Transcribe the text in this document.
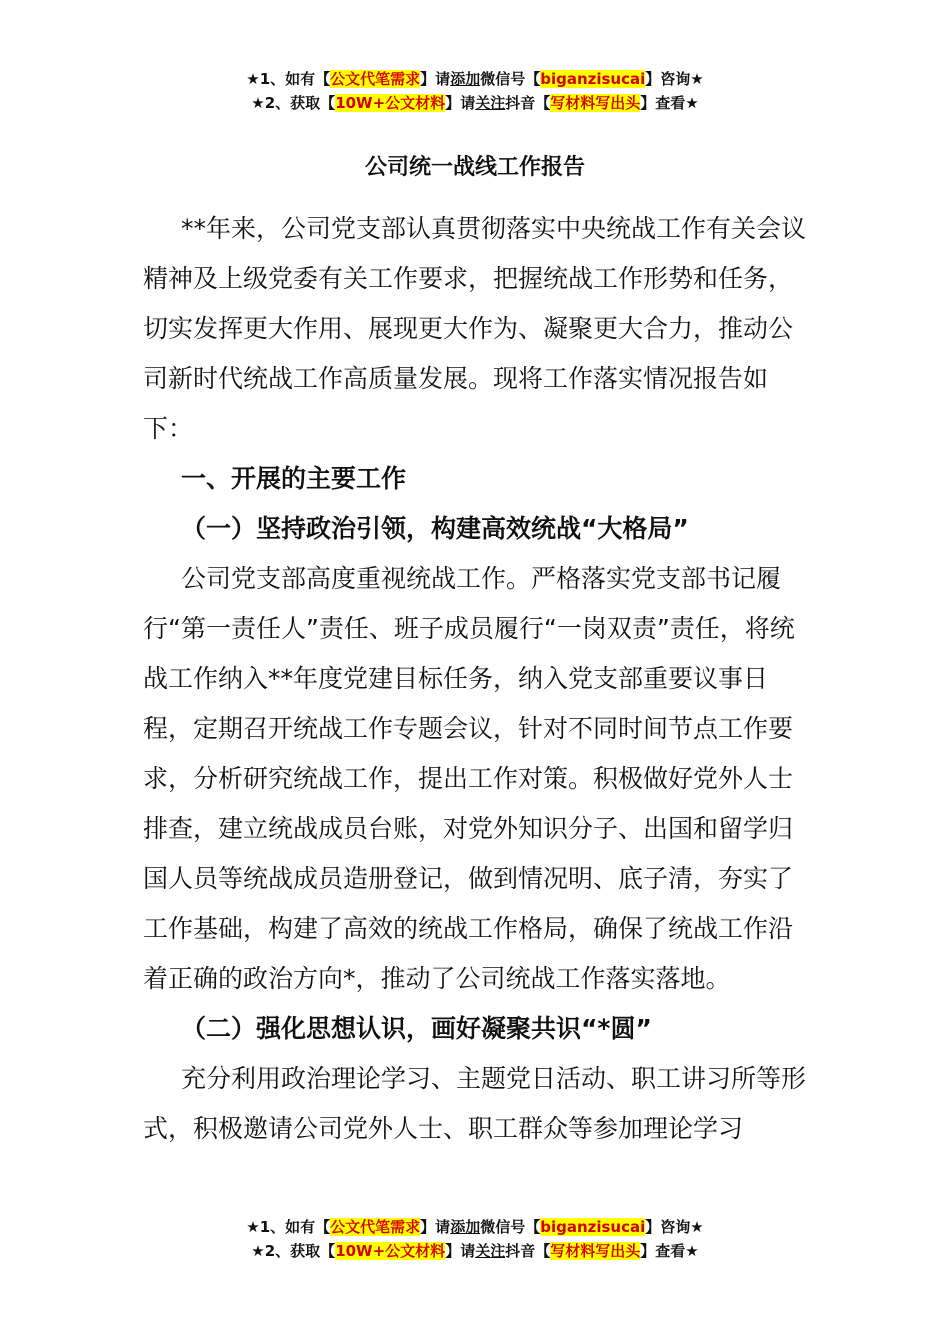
★1、如有【公文代笔需求】请添加微信号【biganzisucai】咨询★
★2、获取【10W+公文材料】请关注抖音【写材料写出头】查看★
公司统一战线工作报告

**年来，公司党支部认真贯彻落实中央统战工作有关会议精神及上级党委有关工作要求，把握统战工作形势和任务，切实发挥更大作用、展现更大作为、凝聚更大合力，推动公司新时代统战工作高质量发展。现将工作落实情况报告如下：

一、开展的主要工作

（一）坚持政治引领，构建高效统战“大格局”

公司党支部高度重视统战工作。严格落实党支部书记履行“第一责任人”责任、班子成员履行“一岗双责”责任，将统战工作纳入**年度党建目标任务，纳入党支部重要议事日程，定期召开统战工作专题会议，针对不同时间节点工作要求，分析研究统战工作，提出工作对策。积极做好党外人士排查，建立统战成员台账，对党外知识分子、出国和留学归国人员等统战成员造册登记，做到情况明、底子清，夯实了工作基础，构建了高效的统战工作格局，确保了统战工作沿着正确的政治方向*，推动了公司统战工作落实落地。

（二）强化思想认识，画好凝聚共识“*圆”

充分利用政治理论学习、主题党日活动、职工讲习所等形式，积极邀请公司党外人士、职工群众等参加理论学习

★1、如有【公文代笔需求】请添加微信号【biganzisucai】咨询★
★2、获取【10W+公文材料】请关注抖音【写材料写出头】查看★
